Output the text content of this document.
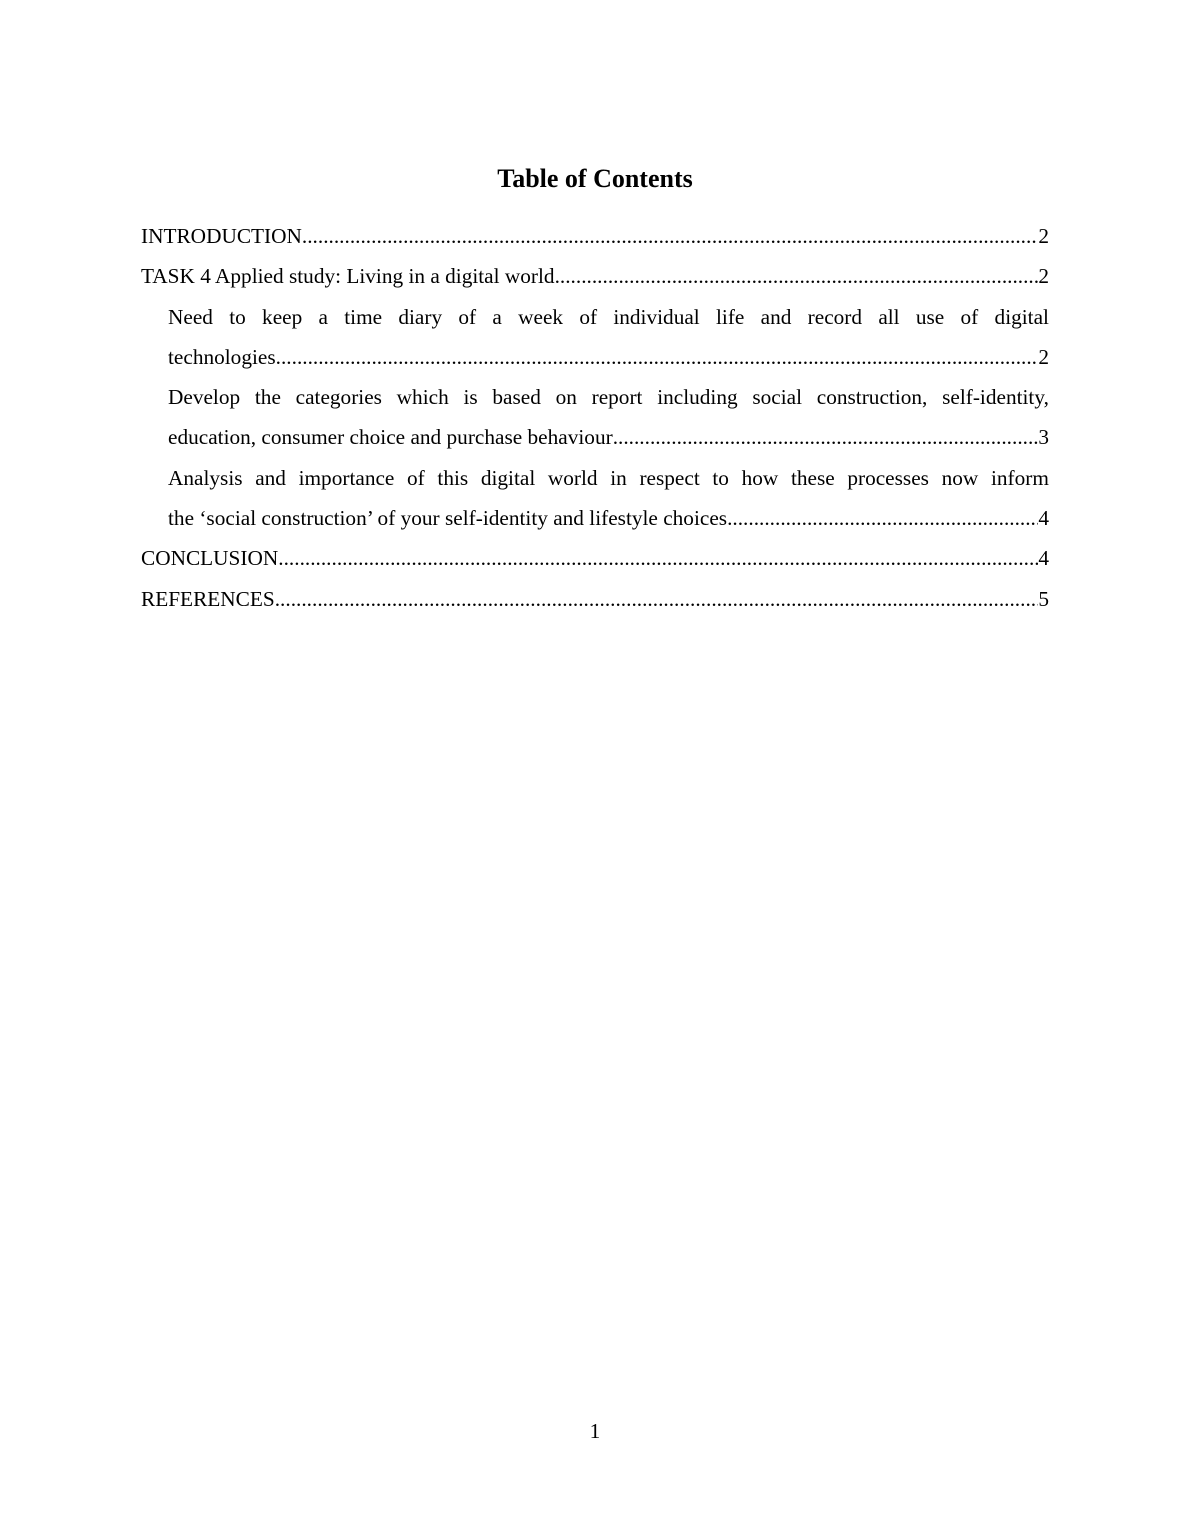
Table of Contents
INTRODUCTION .....	2
TASK 4 Applied study: Living in a digital world .....	2
Need to keep a time diary of a week of individual life and record all use of digital
technologies .....	2
Develop the categories which is based on report including social construction, self-identity,
education, consumer choice and purchase behaviour .....	3
Analysis and importance of this digital world in respect to how these processes now inform
the ‘social construction’ of your self-identity and lifestyle choices .....	4
CONCLUSION .....	4
REFERENCES .....	5
1
